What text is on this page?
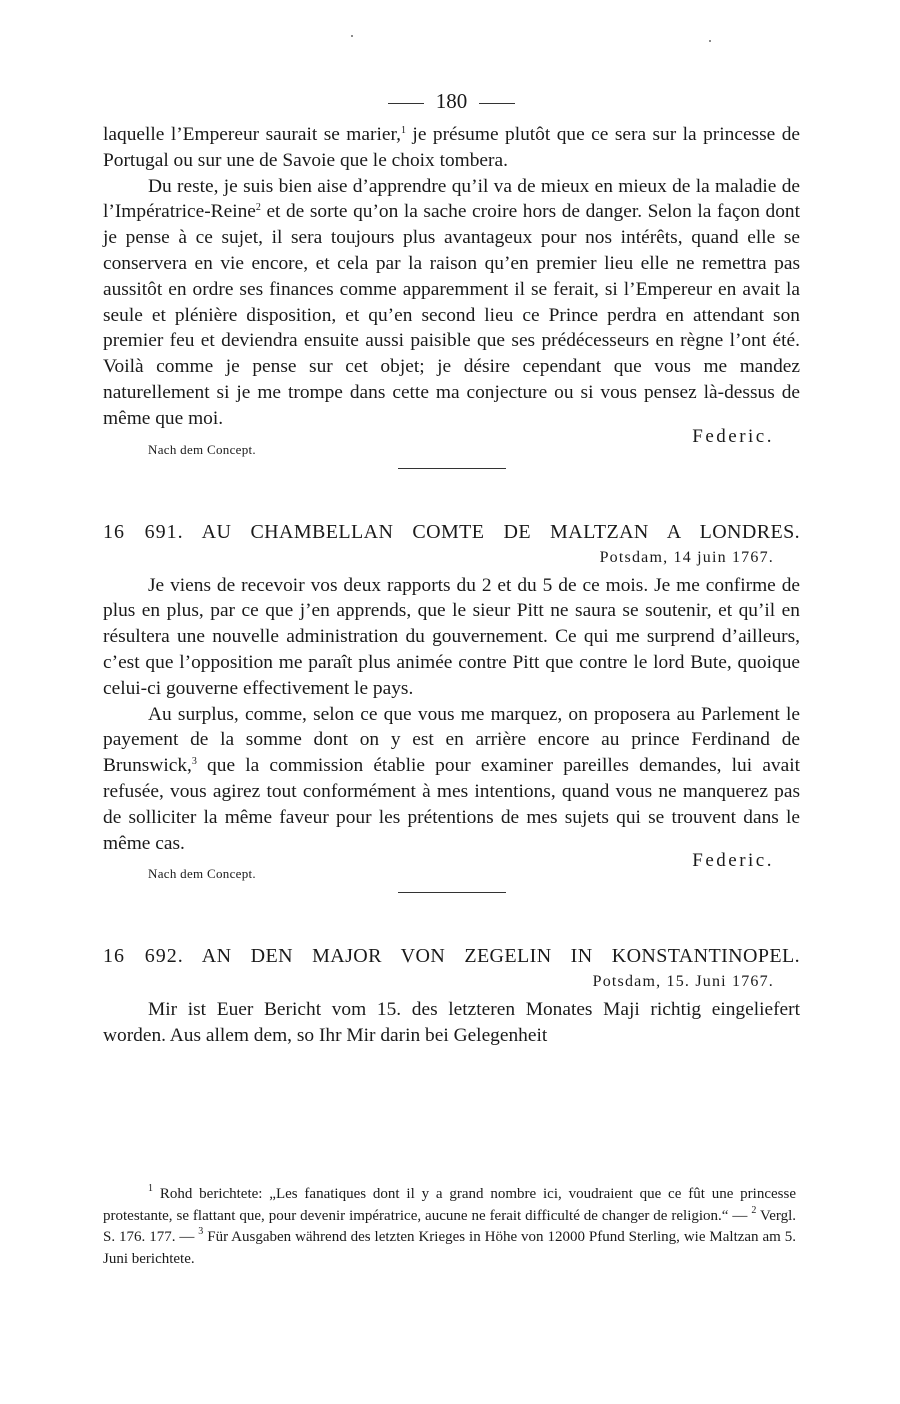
180

laquelle l’Empereur saurait se marier,$^1$ je présume plutôt que ce sera sur la princesse de Portugal ou sur une de Savoie que le choix tombera.

Du reste, je suis bien aise d’apprendre qu’il va de mieux en mieux de la maladie de l’Impératrice-Reine$^2$ et de sorte qu’on la sache croire hors de danger. Selon la façon dont je pense à ce sujet, il sera toujours plus avantageux pour nos intérêts, quand elle se conservera en vie encore, et cela par la raison qu’en premier lieu elle ne remettra pas aussitôt en ordre ses finances comme apparemment il se ferait, si l’Empereur en avait la seule et plénière disposition, et qu’en second lieu ce Prince perdra en attendant son premier feu et deviendra ensuite aussi paisible que ses prédécesseurs en règne l’ont été. Voilà comme je pense sur cet objet; je désire cependant que vous me mandez naturellement si je me trompe dans cette ma conjecture ou si vous pensez là-dessus de même que moi.

Nach dem Concept.
Federic.
16 691. AU CHAMBELLAN COMTE DE MALTZAN A LONDRES.
Potsdam, 14 juin 1767.

Je viens de recevoir vos deux rapports du 2 et du 5 de ce mois. Je me confirme de plus en plus, par ce que j’en apprends, que le sieur Pitt ne saura se soutenir, et qu’il en résultera une nouvelle administration du gouvernement. Ce qui me surprend d’ailleurs, c’est que l’opposition me paraît plus animée contre Pitt que contre le lord Bute, quoique celui-ci gouverne effectivement le pays.

Au surplus, comme, selon ce que vous me marquez, on proposera au Parlement le payement de la somme dont on y est en arrière encore au prince Ferdinand de Brunswick,$^3$ que la commission établie pour examiner pareilles demandes, lui avait refusée, vous agirez tout conformément à mes intentions, quand vous ne manquerez pas de solliciter la même faveur pour les prétentions de mes sujets qui se trouvent dans le même cas.

Nach dem Concept.
Federic.
16 692. AN DEN MAJOR VON ZEGELIN IN KONSTANTINOPEL.
Potsdam, 15. Juni 1767.

Mir ist Euer Bericht vom 15. des letzteren Monates Maji richtig eingeliefert worden. Aus allem dem, so Ihr Mir darin bei Gelegenheit

$^1$ Rohd berichtete: „Les fanatiques dont il y a grand nombre ici, voudraient que ce fût une princesse protestante, se flattant que, pour devenir impératrice, aucune ne ferait difficulté de changer de religion.“ — $^2$ Vergl. S. 176. 177. — $^3$ Für Ausgaben während des letzten Krieges in Höhe von 12000 Pfund Sterling, wie Maltzan am 5. Juni berichtete.
